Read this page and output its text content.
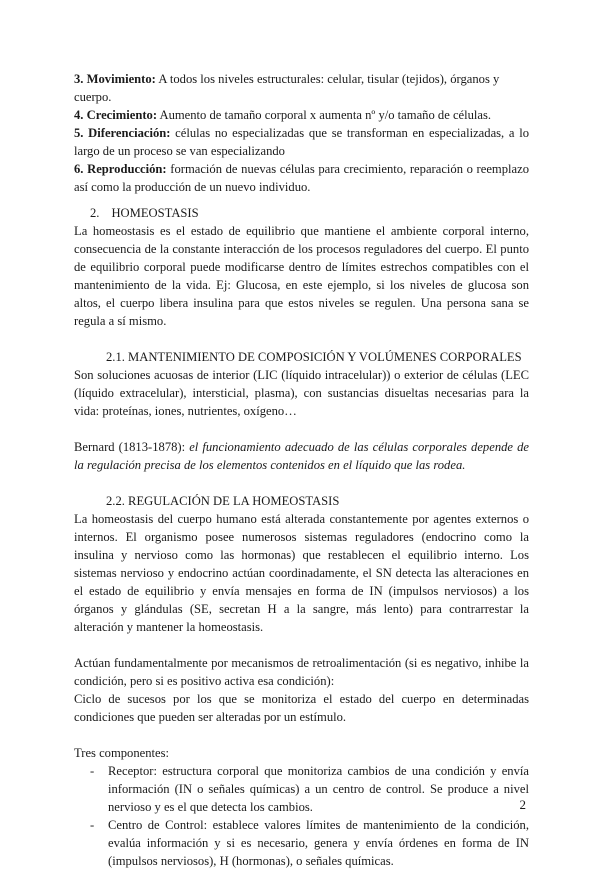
3. Movimiento: A todos los niveles estructurales: celular, tisular (tejidos), órganos y cuerpo.

4. Crecimiento: Aumento de tamaño corporal x aumenta nº y/o tamaño de células.

5. Diferenciación: células no especializadas que se transforman en especializadas, a lo largo de un proceso se van especializando

6. Reproducción: formación de nuevas células para crecimiento, reparación o reemplazo así como la producción de un nuevo individuo.

2. HOMEOSTASIS

La homeostasis es el estado de equilibrio que mantiene el ambiente corporal interno, consecuencia de la constante interacción de los procesos reguladores del cuerpo. El punto de equilibrio corporal puede modificarse dentro de límites estrechos compatibles con el mantenimiento de la vida. Ej: Glucosa, en este ejemplo, si los niveles de glucosa son altos, el cuerpo libera insulina para que estos niveles se regulen. Una persona sana se regula a sí mismo.

2.1. MANTENIMIENTO DE COMPOSICIÓN Y VOLÚMENES CORPORALES

Son soluciones acuosas de interior (LIC (líquido intracelular)) o exterior de células (LEC (líquido extracelular), intersticial, plasma), con sustancias disueltas necesarias para la vida: proteínas, iones, nutrientes, oxígeno…

Bernard (1813-1878): el funcionamiento adecuado de las células corporales depende de la regulación precisa de los elementos contenidos en el líquido que las rodea.

2.2. REGULACIÓN DE LA HOMEOSTASIS

La homeostasis del cuerpo humano está alterada constantemente por agentes externos o internos. El organismo posee numerosos sistemas reguladores (endocrino como la insulina y nervioso como las hormonas) que restablecen el equilibrio interno. Los sistemas nervioso y endocrino actúan coordinadamente, el SN detecta las alteraciones en el estado de equilibrio y envía mensajes en forma de IN (impulsos nerviosos) a los órganos y glándulas (SE, secretan H a la sangre, más lento) para contrarrestar la alteración y mantener la homeostasis.

Actúan fundamentalmente por mecanismos de retroalimentación (si es negativo, inhibe la condición, pero si es positivo activa esa condición):

Ciclo de sucesos por los que se monitoriza el estado del cuerpo en determinadas condiciones que pueden ser alteradas por un estímulo.

Tres componentes:

- Receptor: estructura corporal que monitoriza cambios de una condición y envía información (IN o señales químicas) a un centro de control. Se produce a nivel nervioso y es el que detecta los cambios.
- Centro de Control: establece valores límites de mantenimiento de la condición, evalúa información y si es necesario, genera y envía órdenes en forma de IN (impulsos nerviosos), H (hormonas), o señales químicas.
2
